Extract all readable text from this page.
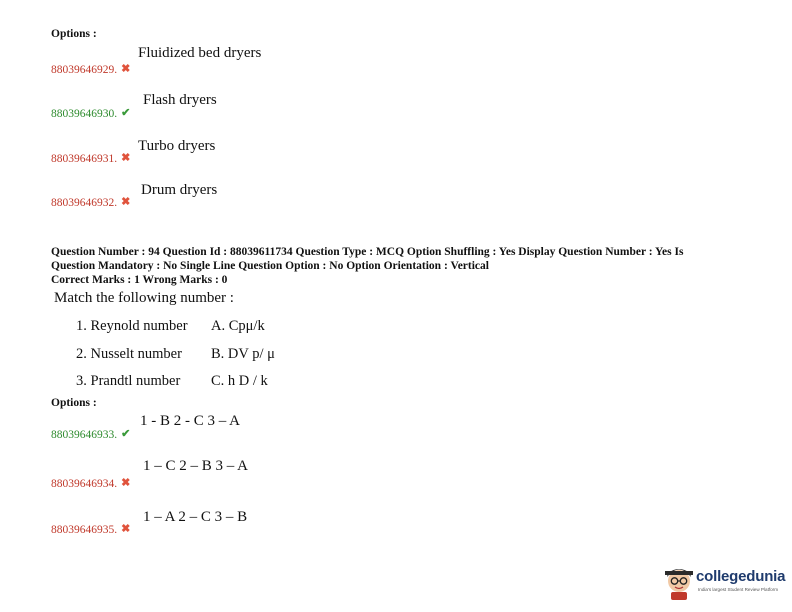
Options :
Fluidized bed dryers
88039646929. ✖
Flash dryers
88039646930. ✔
Turbo dryers
88039646931. ✖
Drum dryers
88039646932. ✖
Question Number : 94 Question Id : 88039611734 Question Type : MCQ Option Shuffling : Yes Display Question Number : Yes Is
Question Mandatory : No Single Line Question Option : No Option Orientation : Vertical
Correct Marks : 1 Wrong Marks : 0
Match the following number :
1. Reynold number A. Cpμ/k
2. Nusselt number B. DV p/ μ
3. Prandtl number C. h D / k
Options :
1 - B 2 - C 3 – A
88039646933. ✔
1 – C 2 – B 3 – A
88039646934. ✖
1 – A 2 – C 3 – B
88039646935. ✖
collegedunia
India's largest Student Review Platform
